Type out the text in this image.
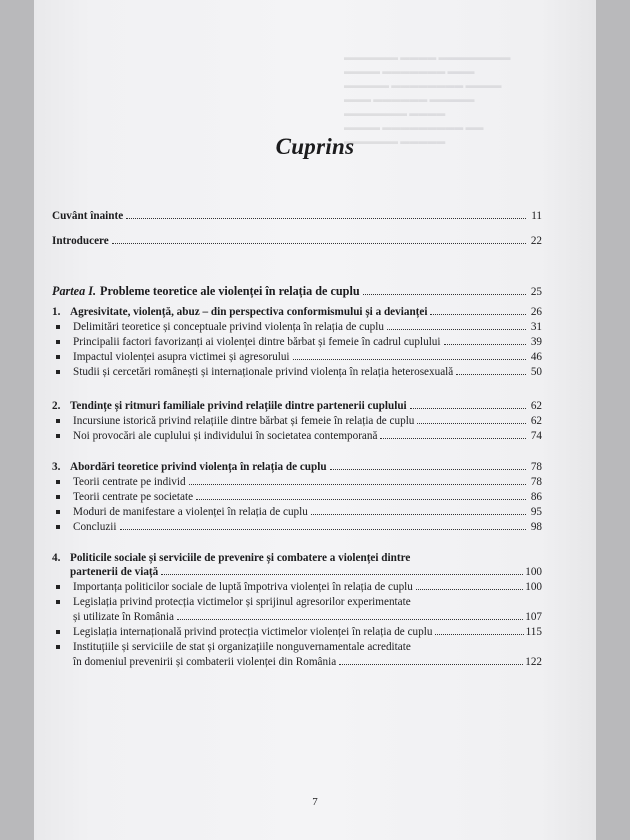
▬▬▬▬▬▬ ▬▬▬▬ ▬▬▬▬▬▬▬▬
▬▬▬▬ ▬▬▬▬▬▬▬ ▬▬▬
▬▬▬▬▬ ▬▬▬▬▬▬▬▬ ▬▬▬▬
▬▬▬ ▬▬▬▬▬▬ ▬▬▬▬▬
▬▬▬▬▬▬▬ ▬▬▬▬
▬▬▬▬ ▬▬▬▬▬▬▬▬▬ ▬▬
▬▬▬▬▬▬ ▬▬▬▬▬

Cuprins
Cuvânt înainte	11
Introducere	22
Partea I. Probleme teoretice ale violenței în relația de cuplu	25
1. Agresivitate, violență, abuz – din perspectiva conformismului și a devianței	26
Delimitări teoretice și conceptuale privind violența în relația de cuplu	31
Principalii factori favorizanți ai violenței dintre bărbat și femeie în cadrul cuplului	39
Impactul violenței asupra victimei și agresorului	46
Studii și cercetări românești și internaționale privind violența în relația heterosexuală	50
2. Tendințe și ritmuri familiale privind relațiile dintre partenerii cuplului	62
Incursiune istorică privind relațiile dintre bărbat și femeie în relația de cuplu	62
Noi provocări ale cuplului și individului în societatea contemporană	74
3. Abordări teoretice privind violența în relația de cuplu	78
Teorii centrate pe individ	78
Teorii centrate pe societate	86
Moduri de manifestare a violenței în relația de cuplu	95
Concluzii	98
4. Politicile sociale și serviciile de prevenire și combatere a violenței dintre
partenerii de viață	100
Importanța politicilor sociale de luptă împotriva violenței în relația de cuplu	100
Legislația privind protecția victimelor și sprijinul agresorilor experimentate
și utilizate în România	107
Legislația internațională privind protecția victimelor violenței în relația de cuplu	115
Instituțiile și serviciile de stat și organizațiile nonguvernamentale acreditate
în domeniul prevenirii și combaterii violenței din România	122
7
